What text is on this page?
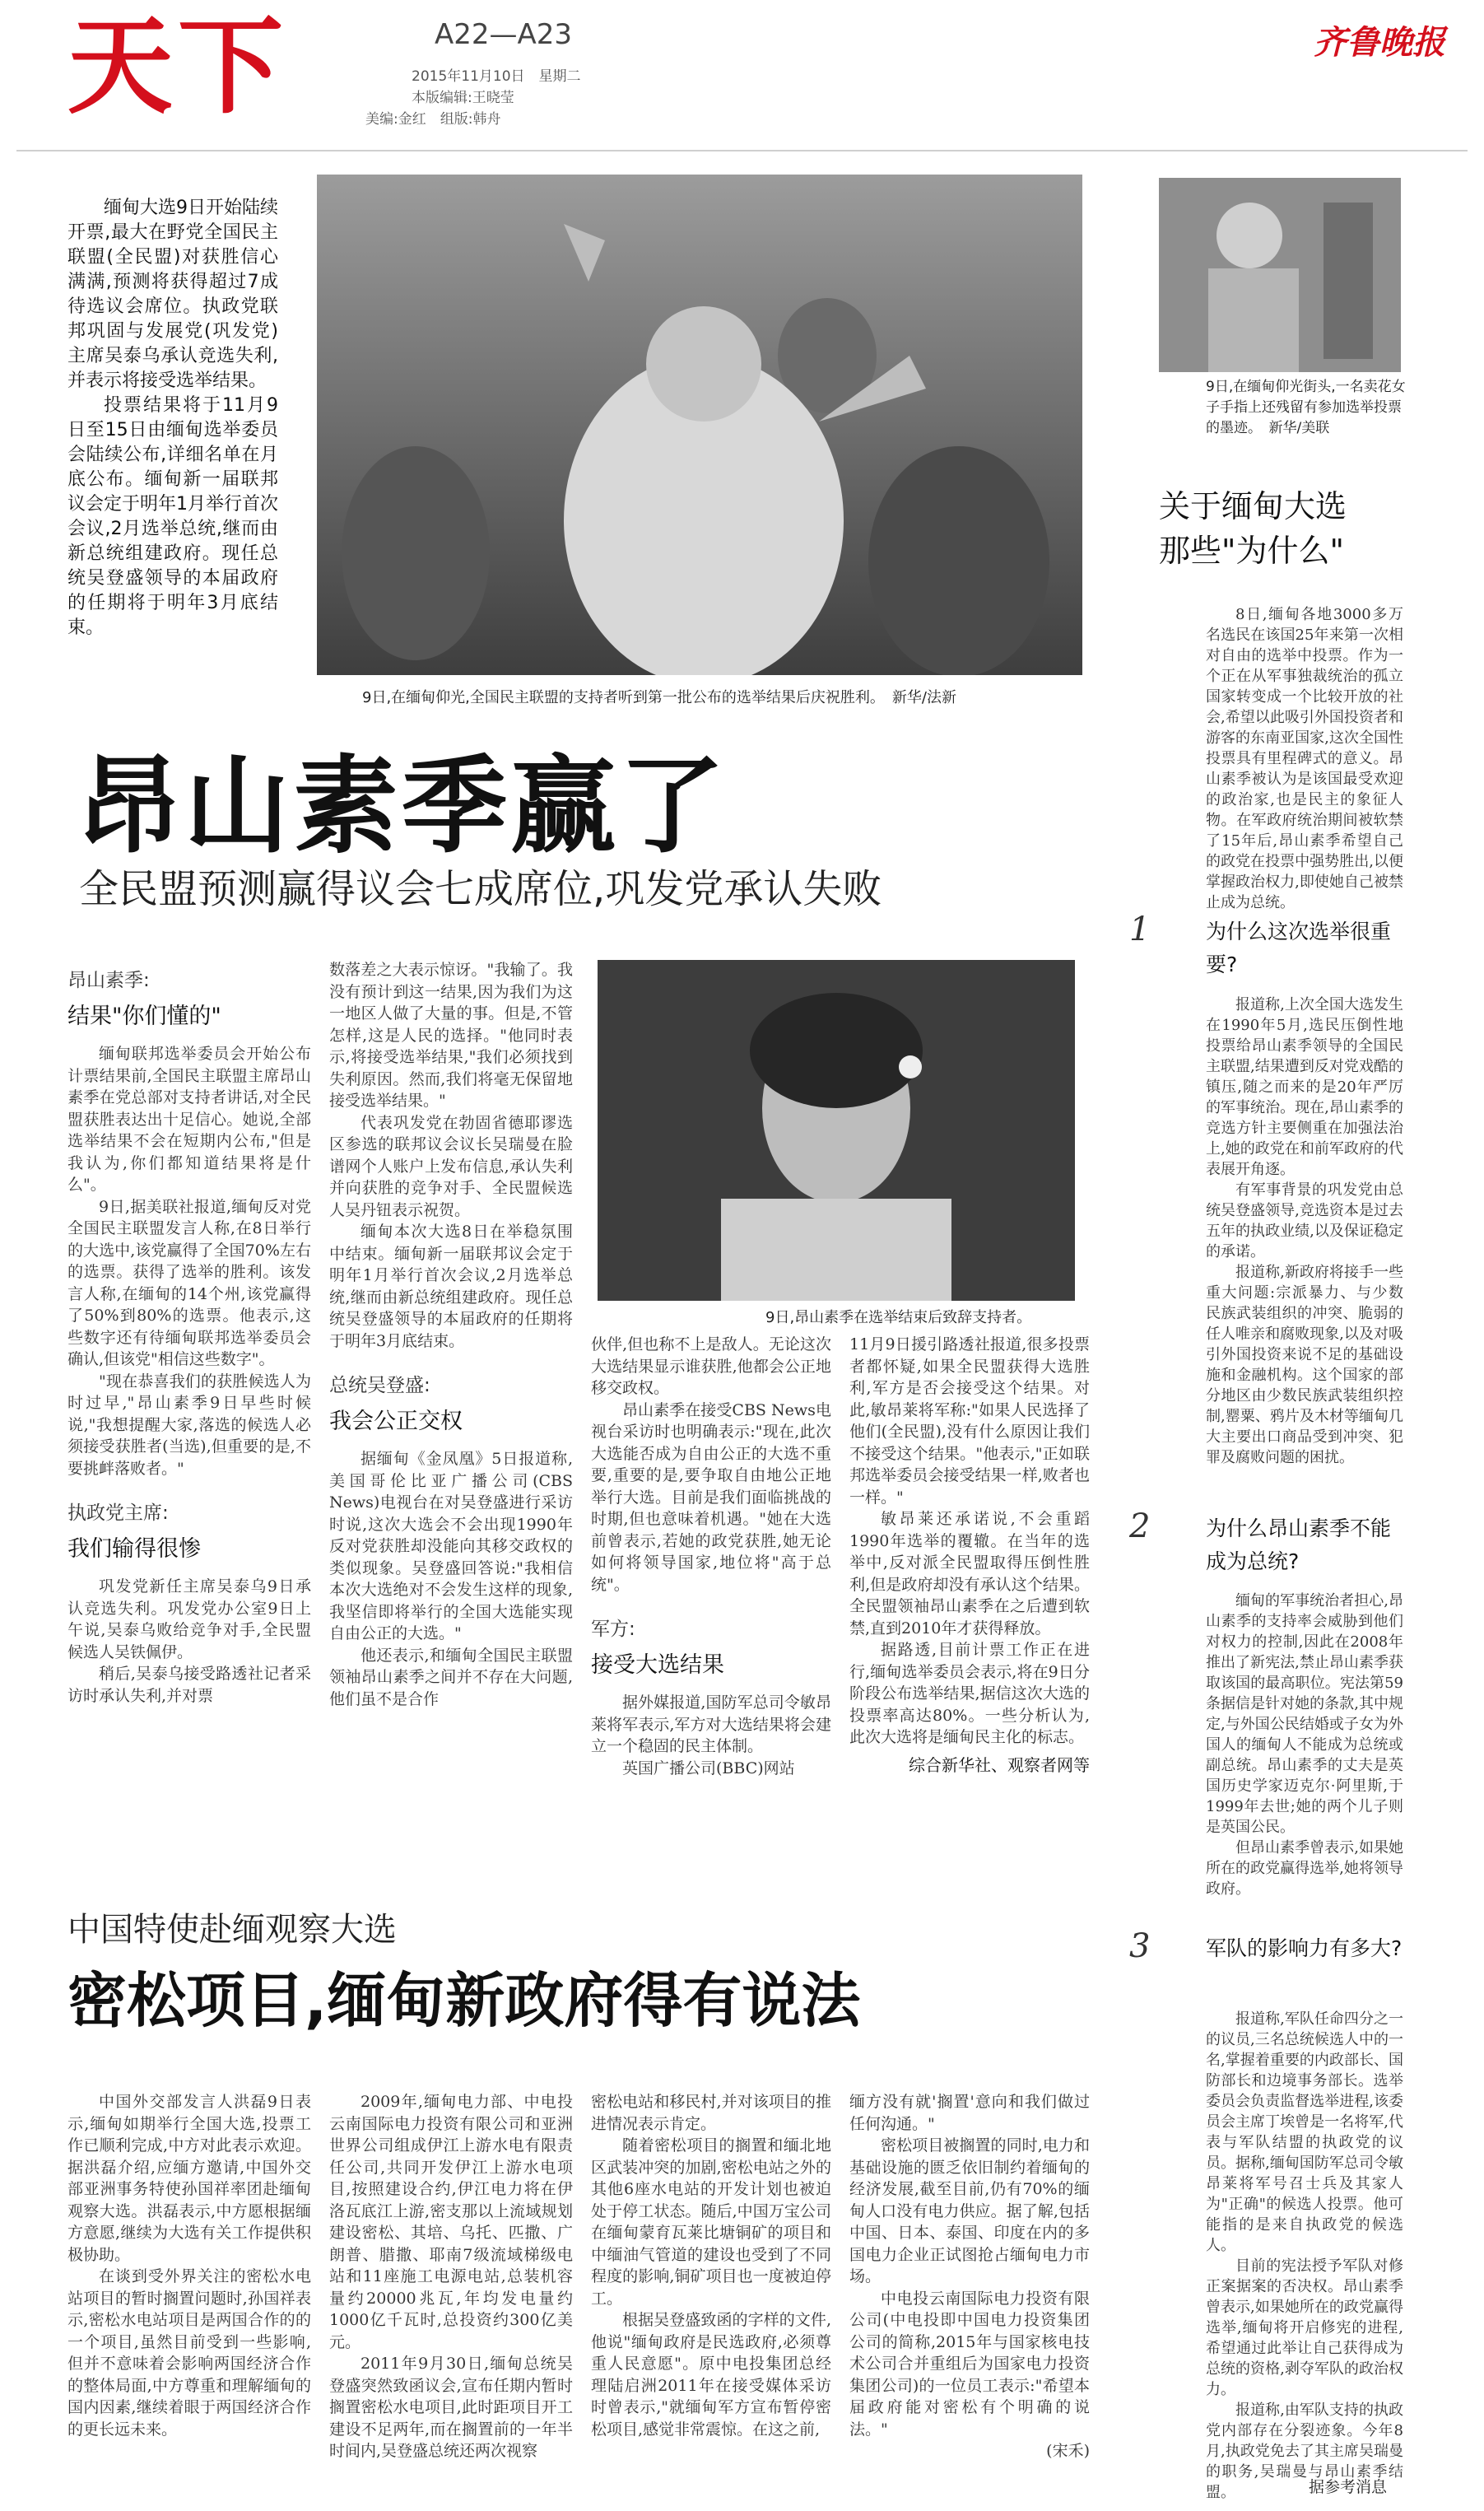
天下	A22—A23
2015年11月10日　星期二
本版编辑:王晓莹
美编:金红　组版:韩舟
齐鲁晚报

缅甸大选9日开始陆续开票,最大在野党全国民主联盟(全民盟)对获胜信心满满,预测将获得超过7成待选议会席位。执政党联邦巩固与发展党(巩发党)主席吴泰乌承认竞选失利,并表示将接受选举结果。

投票结果将于11月9日至15日由缅甸选举委员会陆续公布,详细名单在月底公布。缅甸新一届联邦议会定于明年1月举行首次会议,2月选举总统,继而由新总统组建政府。现任总统吴登盛领导的本届政府的任期将于明年3月底结束。

9日,在缅甸仰光,全国民主联盟的支持者听到第一批公布的选举结果后庆祝胜利。　新华/法新
9日,在缅甸仰光街头,一名卖花女子手指上还残留有参加选举投票的墨迹。　新华/美联
关于缅甸大选
那些"为什么"
8日,缅甸各地3000多万名选民在该国25年来第一次相对自由的选举中投票。作为一个正在从军事独裁统治的孤立国家转变成一个比较开放的社会,希望以此吸引外国投资者和游客的东南亚国家,这次全国性投票具有里程碑式的意义。昂山素季被认为是该国最受欢迎的政治家,也是民主的象征人物。在军政府统治期间被软禁了15年后,昂山素季希望自己的政党在投票中强势胜出,以便掌握政治权力,即使她自己被禁止成为总统。
1	为什么这次选举很重要?

报道称,上次全国大选发生在1990年5月,选民压倒性地投票给昂山素季领导的全国民主联盟,结果遭到反对党戏酷的镇压,随之而来的是20年严厉的军事统治。现在,昂山素季的竞选方针主要侧重在加强法治上,她的政党在和前军政府的代表展开角逐。

有军事背景的巩发党由总统吴登盛领导,竞选资本是过去五年的执政业绩,以及保证稳定的承诺。

报道称,新政府将接手一些重大问题:宗派暴力、与少数民族武装组织的冲突、脆弱的任人唯亲和腐败现象,以及对吸引外国投资来说不足的基础设施和金融机构。这个国家的部分地区由少数民族武装组织控制,罂粟、鸦片及木材等缅甸几大主要出口商品受到冲突、犯罪及腐败问题的困扰。

2	为什么昂山素季不能成为总统?

缅甸的军事统治者担心,昂山素季的支持率会威胁到他们对权力的控制,因此在2008年推出了新宪法,禁止昂山素季获取该国的最高职位。宪法第59条据信是针对她的条款,其中规定,与外国公民结婚或子女为外国人的缅甸人不能成为总统或副总统。昂山素季的丈夫是英国历史学家迈克尔·阿里斯,于1999年去世;她的两个儿子则是英国公民。

但昂山素季曾表示,如果她所在的政党赢得选举,她将领导政府。

3	军队的影响力有多大?

报道称,军队任命四分之一的议员,三名总统候选人中的一名,掌握着重要的内政部长、国防部长和边境事务部长。选举委员会负责监督选举进程,该委员会主席丁埃曾是一名将军,代表与军队结盟的执政党的议员。据称,缅甸国防军总司令敏昂莱将军号召士兵及其家人为"正确"的候选人投票。他可能指的是来自执政党的候选人。

目前的宪法授予军队对修正案据案的否决权。昂山素季曾表示,如果她所在的政党赢得选举,缅甸将开启修宪的进程,希望通过此举让自己获得成为总统的资格,剥夺军队的政治权力。

报道称,由军队支持的执政党内部存在分裂迹象。今年8月,执政党免去了其主席吴瑞曼的职务,吴瑞曼与昂山素季结盟。	据参考消息
昂山素季赢了
全民盟预测赢得议会七成席位,巩发党承认失败
昂山素季:
结果"你们懂的"

缅甸联邦选举委员会开始公布计票结果前,全国民主联盟主席昂山素季在党总部对支持者讲话,对全民盟获胜表达出十足信心。她说,全部选举结果不会在短期内公布,"但是我认为,你们都知道结果将是什么"。

9日,据美联社报道,缅甸反对党全国民主联盟发言人称,在8日举行的大选中,该党赢得了全国70%左右的选票。获得了选举的胜利。该发言人称,在缅甸的14个州,该党赢得了50%到80%的选票。他表示,这些数字还有待缅甸联邦选举委员会确认,但该党"相信这些数字"。

"现在恭喜我们的获胜候选人为时过早,"昂山素季9日早些时候说,"我想提醒大家,落选的候选人必须接受获胜者(当选),但重要的是,不要挑衅落败者。"

执政党主席:
我们输得很惨

巩发党新任主席吴泰乌9日承认竞选失利。巩发党办公室9日上午说,吴泰乌败给竞争对手,全民盟候选人吴铁佩伊。

稍后,吴泰乌接受路透社记者采访时承认失利,并对票

数落差之大表示惊讶。"我输了。我没有预计到这一结果,因为我们为这一地区人做了大量的事。但是,不管怎样,这是人民的选择。"他同时表示,将接受选举结果,"我们必须找到失利原因。然而,我们将毫无保留地接受选举结果。"

代表巩发党在勃固省德耶谬选区参选的联邦议会议长吴瑞曼在脸谱网个人账户上发布信息,承认失利并向获胜的竞争对手、全民盟候选人吴丹钮表示祝贺。

缅甸本次大选8日在举稳氛围中结束。缅甸新一届联邦议会定于明年1月举行首次会议,2月选举总统,继而由新总统组建政府。现任总统吴登盛领导的本届政府的任期将于明年3月底结束。

总统吴登盛:
我会公正交权

据缅甸《金凤凰》5日报道称,美国哥伦比亚广播公司(CBS News)电视台在对吴登盛进行采访时说,这次大选会不会出现1990年反对党获胜却没能向其移交政权的类似现象。吴登盛回答说:"我相信本次大选绝对不会发生这样的现象,我坚信即将举行的全国大选能实现自由公正的大选。"

他还表示,和缅甸全国民主联盟领袖昂山素季之间并不存在大问题,他们虽不是合作

9日,昂山素季在选举结束后致辞支持者。

伙伴,但也称不上是敌人。无论这次大选结果显示谁获胜,他都会公正地移交政权。

昂山素季在接受CBS News电视台采访时也明确表示:"现在,此次大选能否成为自由公正的大选不重要,重要的是,要争取自由地公正地举行大选。目前是我们面临挑战的时期,但也意味着机遇。"她在大选前曾表示,若她的政党获胜,她无论如何将领导国家,地位将"高于总统"。

军方:
接受大选结果

据外媒报道,国防军总司令敏昂莱将军表示,军方对大选结果将会建立一个稳固的民主体制。

英国广播公司(BBC)网站

11月9日援引路透社报道,很多投票者都怀疑,如果全民盟获得大选胜利,军方是否会接受这个结果。对此,敏昂莱将军称:"如果人民选择了他们(全民盟),没有什么原因让我们不接受这个结果。"他表示,"正如联邦选举委员会接受结果一样,败者也一样。"

敏昂莱还承诺说,不会重蹈1990年选举的覆辙。在当年的选举中,反对派全民盟取得压倒性胜利,但是政府却没有承认这个结果。全民盟领袖昂山素季在之后遭到软禁,直到2010年才获得释放。

据路透,目前计票工作正在进行,缅甸选举委员会表示,将在9日分阶段公布选举结果,据信这次大选的投票率高达80%。一些分析认为,此次大选将是缅甸民主化的标志。

综合新华社、观察者网等
中国特使赴缅观察大选
密松项目,缅甸新政府得有说法

中国外交部发言人洪磊9日表示,缅甸如期举行全国大选,投票工作已顺利完成,中方对此表示欢迎。据洪磊介绍,应缅方邀请,中国外交部亚洲事务特使孙国祥率团赴缅甸观察大选。洪磊表示,中方愿根据缅方意愿,继续为大选有关工作提供积极协助。

在谈到受外界关注的密松水电站项目的暂时搁置问题时,孙国祥表示,密松水电站项目是两国合作的的一个项目,虽然目前受到一些影响,但并不意味着会影响两国经济合作的整体局面,中方尊重和理解缅甸的国内因素,继续着眼于两国经济合作的更长远未来。

2009年,缅甸电力部、中电投云南国际电力投资有限公司和亚洲世界公司组成伊江上游水电有限责任公司,共同开发伊江上游水电项目,按照建设合约,伊江电力将在伊洛瓦底江上游,密支那以上流域规划建设密松、其培、乌托、匹撒、广朗普、腊撒、耶南7级流域梯级电站和11座施工电源电站,总装机容量约20000兆瓦,年均发电量约1000亿千瓦时,总投资约300亿美元。

2011年9月30日,缅甸总统吴登盛突然致函议会,宣布任期内暂时搁置密松水电项目,此时距项目开工建设不足两年,而在搁置前的一年半时间内,吴登盛总统还两次视察

密松电站和移民村,并对该项目的推进情况表示肯定。

随着密松项目的搁置和缅北地区武装冲突的加剧,密松电站之外的其他6座水电站的开发计划也被迫处于停工状态。随后,中国万宝公司在缅甸蒙育瓦莱比塘铜矿的项目和中缅油气管道的建设也受到了不同程度的影响,铜矿项目也一度被迫停工。

根据吴登盛致函的字样的文件,他说"缅甸政府是民选政府,必须尊重人民意愿"。原中电投集团总经理陆启洲2011年在接受媒体采访时曾表示,"就缅甸军方宣布暂停密松项目,感觉非常震惊。在这之前,

缅方没有就'搁置'意向和我们做过任何沟通。"

密松项目被搁置的同时,电力和基础设施的匮乏依旧制约着缅甸的经济发展,截至目前,仍有70%的缅甸人口没有电力供应。据了解,包括中国、日本、泰国、印度在内的多国电力企业正试图抢占缅甸电力市场。

中电投云南国际电力投资有限公司(中电投即中国电力投资集团公司的简称,2015年与国家核电技术公司合并重组后为国家电力投资集团公司)的一位员工表示:"希望本届政府能对密松有个明确的说法。"

(宋禾)
